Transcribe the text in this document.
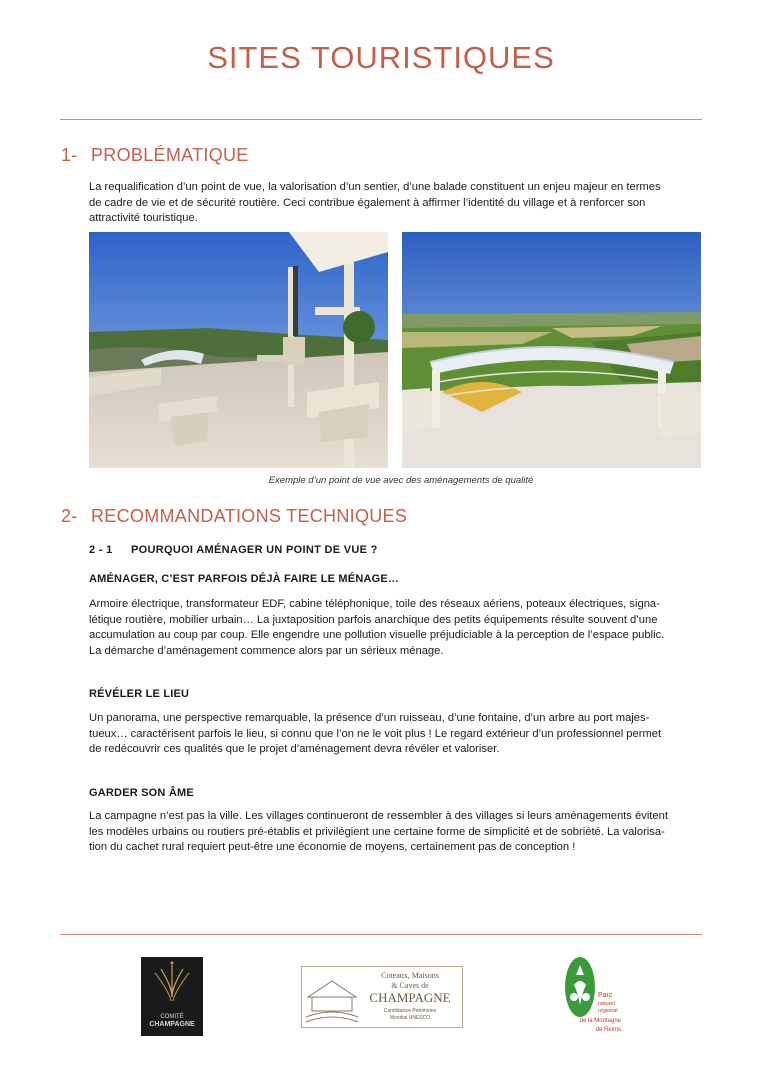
SITES TOURISTIQUES
1- PROBLÉMATIQUE
La requalification d’un point de vue, la valorisation d’un sentier, d’une balade constituent un enjeu majeur en termes
de cadre de vie et de sécurité routière. Ceci contribue également à affirmer l’identité du village et à renforcer son
attractivité touristique.
Exemple d’un point de vue avec des aménagements de qualité
2- RECOMMANDATIONS TECHNIQUES
2 - 1 POURQUOI AMÉNAGER UN POINT DE VUE ?
AMÉNAGER, C’EST PARFOIS DÉJÀ FAIRE LE MÉNAGE…
Armoire électrique, transformateur EDF, cabine téléphonique, toile des réseaux aériens, poteaux électriques, signa-
létique routière, mobilier urbain… La juxtaposition parfois anarchique des petits équipements résulte souvent d’une
accumulation au coup par coup. Elle engendre une pollution visuelle préjudiciable à la perception de l’espace public.
La démarche d’aménagement commence alors par un sérieux ménage.
RÉVÉLER LE LIEU
Un panorama, une perspective remarquable, la présence d’un ruisseau, d’une fontaine, d’un arbre au port majes-
tueux… caractérisent parfois le lieu, si connu que l’on ne le voit plus ! Le regard extérieur d’un professionnel permet
de redécouvrir ces qualités que le projet d’aménagement devra révéler et valoriser.
GARDER SON ÂME
La campagne n’est pas la ville. Les villages continueront de ressembler à des villages si leurs aménagements évitent
les modèles urbains ou routiers pré-établis et privilégient une certaine forme de simplicité et de sobriété. La valorisa-
tion du cachet rural requiert peut-être une économie de moyens, certainement pas de conception !
COMITÉ
CHAMPAGNE
Coteaux, Maisons
& Caves de
CHAMPAGNE
Candidature Patrimoine
Mondial UNESCO
Parc
naturel
régional
de la Montagne
de Reims
